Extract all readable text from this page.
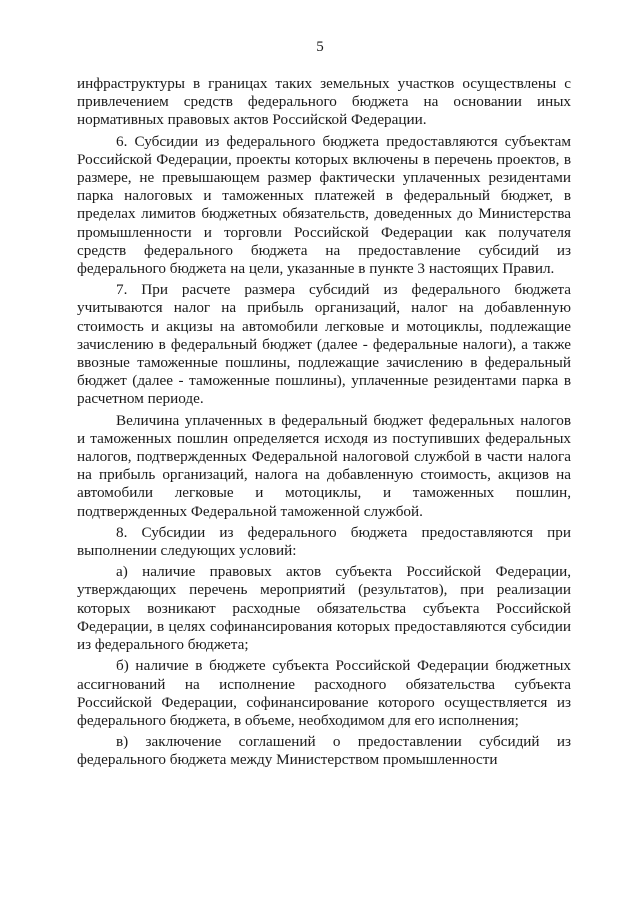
5

инфраструктуры в границах таких земельных участков осуществлены с привлечением средств федерального бюджета на основании иных нормативных правовых актов Российской Федерации.

6. Субсидии из федерального бюджета предоставляются субъектам Российской Федерации, проекты которых включены в перечень проектов, в размере, не превышающем размер фактически уплаченных резидентами парка налоговых и таможенных платежей в федеральный бюджет, в пределах лимитов бюджетных обязательств, доведенных до Министерства промышленности и торговли Российской Федерации как получателя средств федерального бюджета на предоставление субсидий из федерального бюджета на цели, указанные в пункте 3 настоящих Правил.

7. При расчете размера субсидий из федерального бюджета учитываются налог на прибыль организаций, налог на добавленную стоимость и акцизы на автомобили легковые и мотоциклы, подлежащие зачислению в федеральный бюджет (далее - федеральные налоги), а также ввозные таможенные пошлины, подлежащие зачислению в федеральный бюджет (далее - таможенные пошлины), уплаченные резидентами парка в расчетном периоде.

Величина уплаченных в федеральный бюджет федеральных налогов и таможенных пошлин определяется исходя из поступивших федеральных налогов, подтвержденных Федеральной налоговой службой в части налога на прибыль организаций, налога на добавленную стоимость, акцизов на автомобили легковые и мотоциклы, и таможенных пошлин, подтвержденных Федеральной таможенной службой.

8. Субсидии из федерального бюджета предоставляются при выполнении следующих условий:

а) наличие правовых актов субъекта Российской Федерации, утверждающих перечень мероприятий (результатов), при реализации которых возникают расходные обязательства субъекта Российской Федерации, в целях софинансирования которых предоставляются субсидии из федерального бюджета;

б) наличие в бюджете субъекта Российской Федерации бюджетных ассигнований на исполнение расходного обязательства субъекта Российской Федерации, софинансирование которого осуществляется из федерального бюджета, в объеме, необходимом для его исполнения;

в) заключение соглашений о предоставлении субсидий из федерального бюджета между Министерством промышленности
